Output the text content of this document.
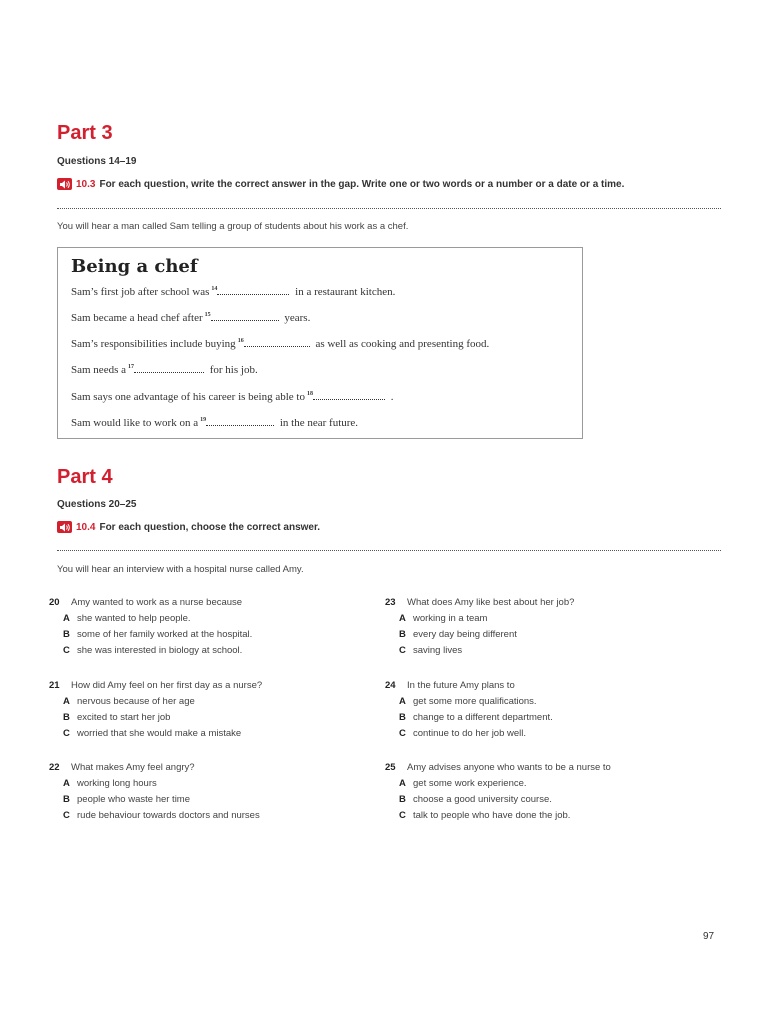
Part 3

Questions 14–19

10.3 For each question, write the correct answer in the gap. Write one or two words or a number or a date or a time.

You will hear a man called Sam telling a group of students about his work as a chef.

Being a chef
Sam’s first job after school was $^{14}$	in a restaurant kitchen.
Sam became a head chef after $^{15}$	years.
Sam’s responsibilities include buying $^{16}$	as well as cooking and presenting food.
Sam needs a $^{17}$	for his job.
Sam says one advantage of his career is being able to $^{18}$	.
Sam would like to work on a $^{19}$	in the near future.
Part 4

Questions 20–25

10.4 For each question, choose the correct answer.

You will hear an interview with a hospital nurse called Amy.

20 Amy wanted to work as a nurse because
A she wanted to help people.
B some of her family worked at the hospital.
C she was interested in biology at school.
21 How did Amy feel on her first day as a nurse?
A nervous because of her age
B excited to start her job
C worried that she would make a mistake
22 What makes Amy feel angry?
A working long hours
B people who waste her time
C rude behaviour towards doctors and nurses
23 What does Amy like best about her job?
A working in a team
B every day being different
C saving lives
24 In the future Amy plans to
A get some more qualifications.
B change to a different department.
C continue to do her job well.
25 Amy advises anyone who wants to be a nurse to
A get some work experience.
B choose a good university course.
C talk to people who have done the job.

97
